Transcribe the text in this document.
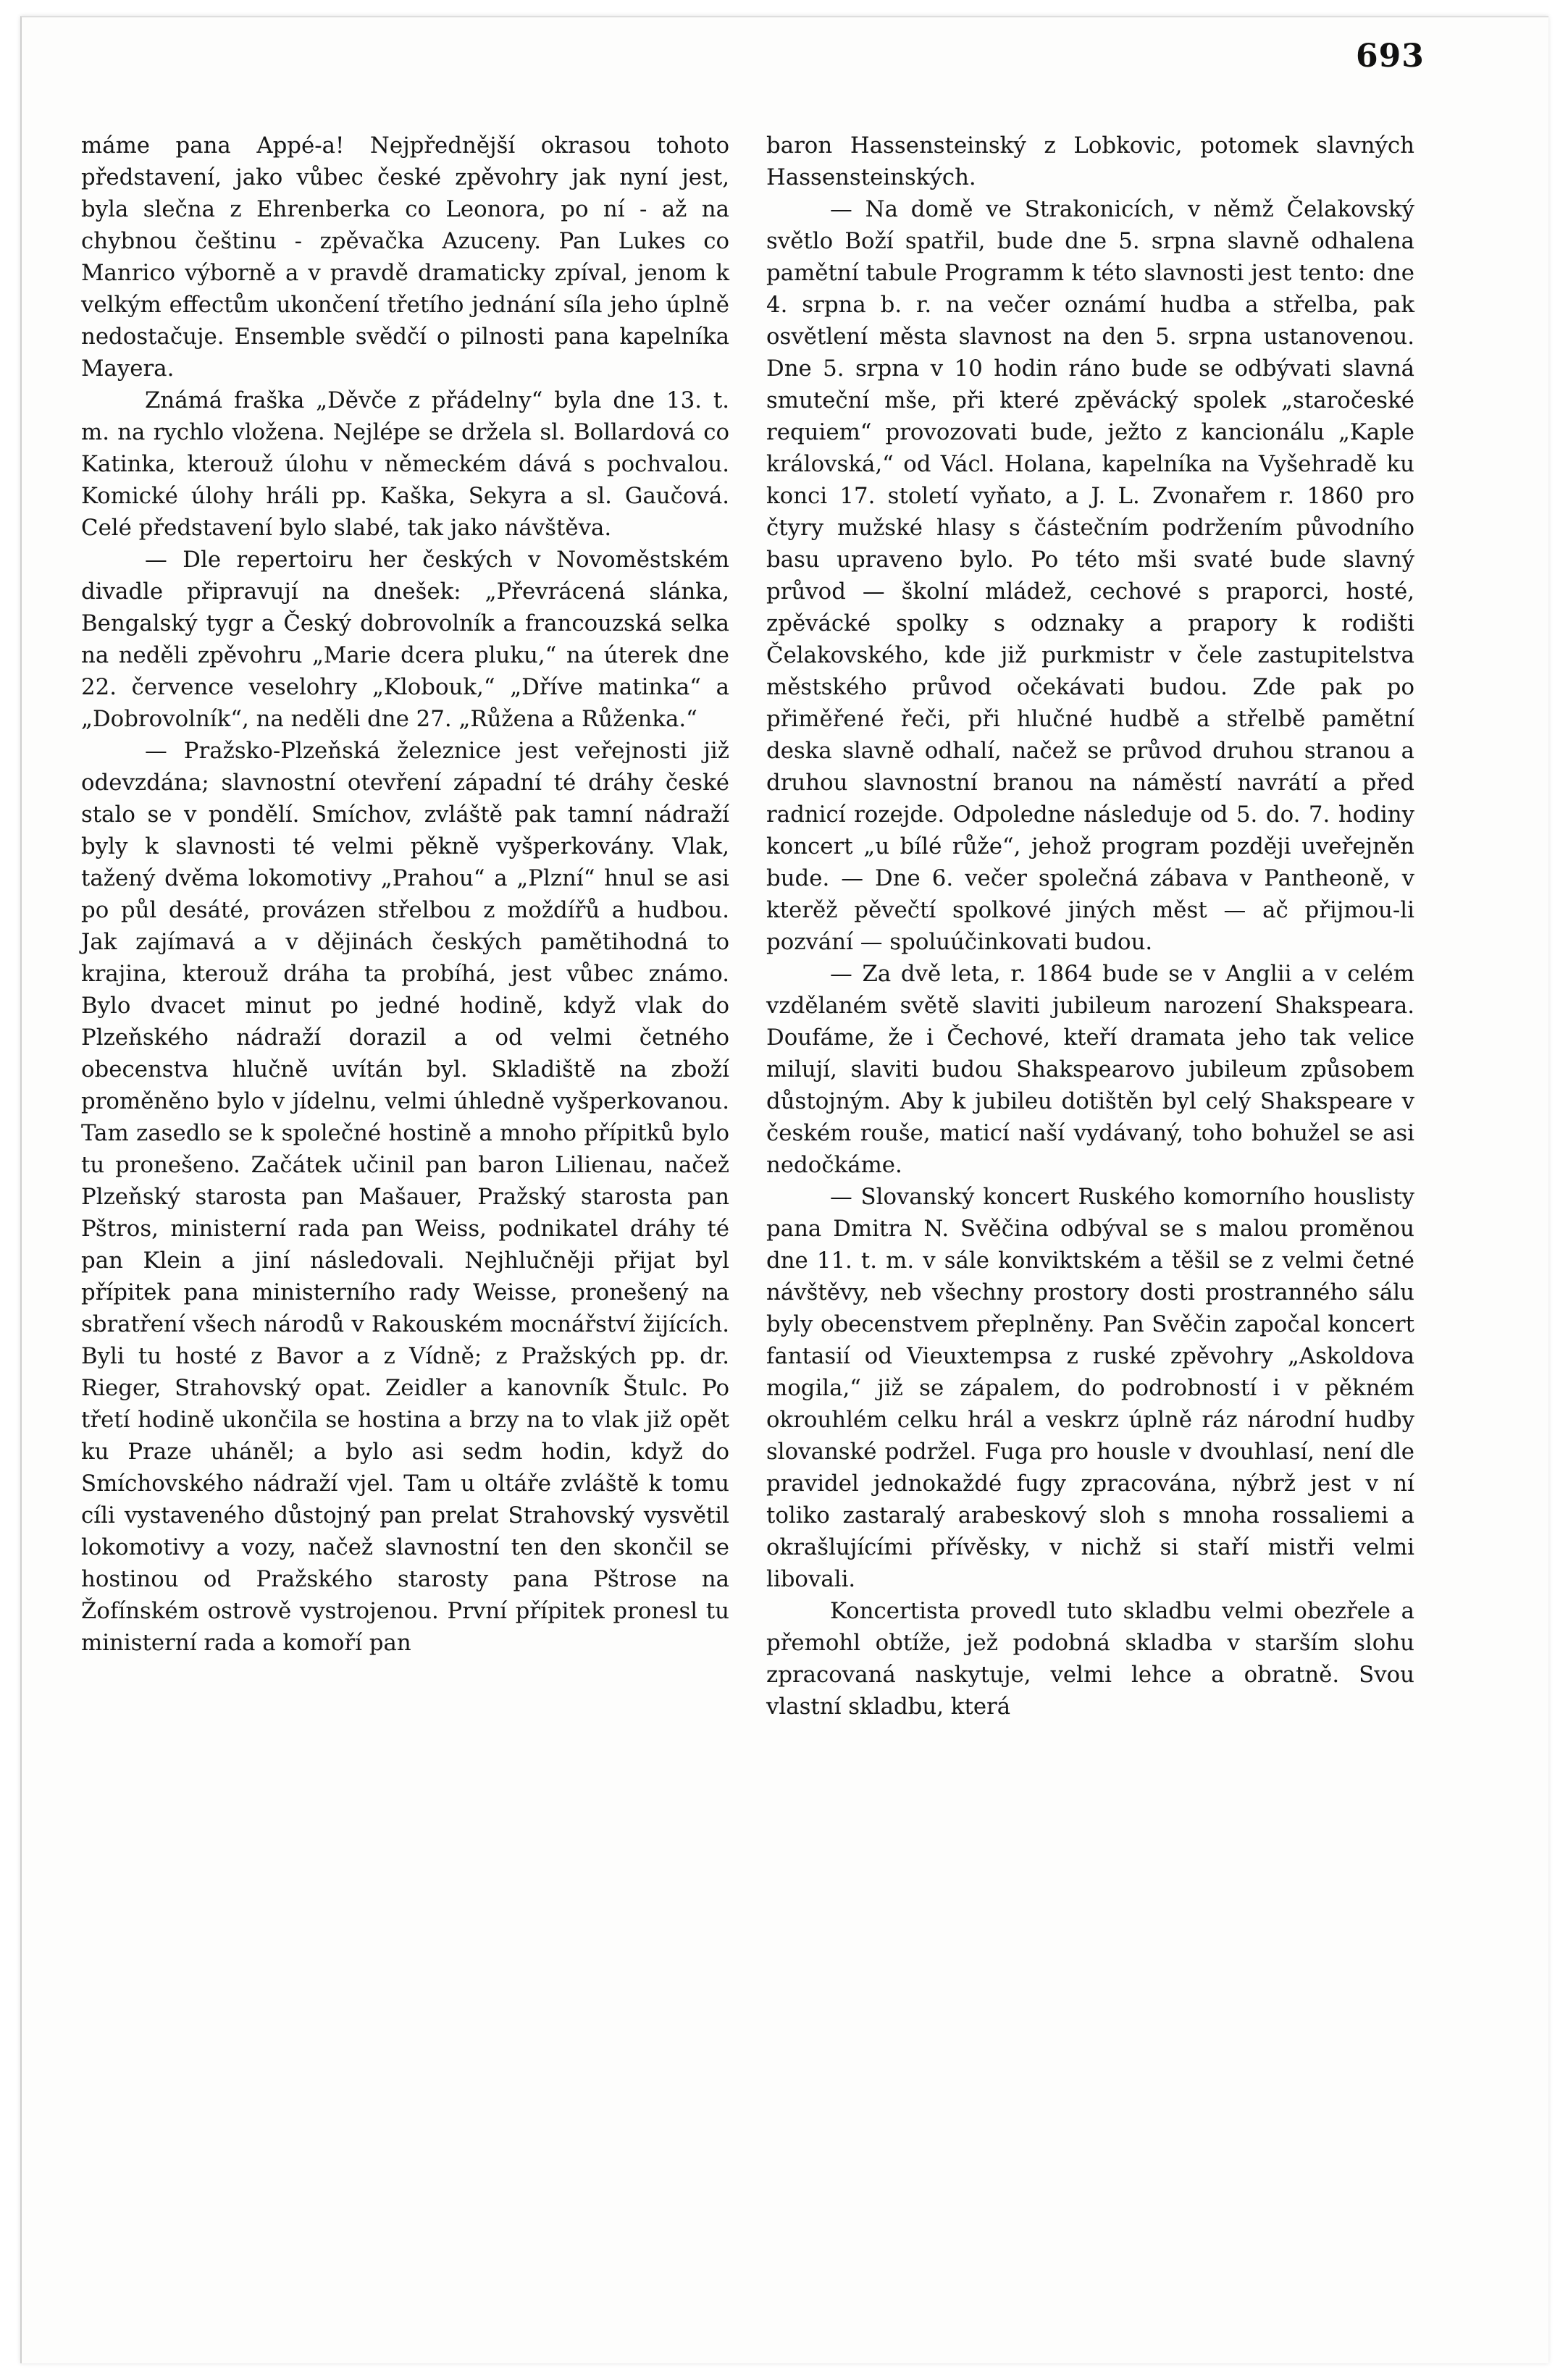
693

máme pana Appé-a! Nejpřednější okrasou tohoto představení, jako vůbec české zpěvohry jak nyní jest, byla slečna z Ehrenberka co Leonora, po ní - až na chybnou češtinu - zpěvačka Azuceny. Pan Lukes co Manrico výborně a v pravdě dramaticky zpíval, jenom k velkým effectům ukončení třetího jednání síla jeho úplně nedostačuje. Ensemble svědčí o pilnosti pana kapelníka Mayera.

Známá fraška „Děvče z přádelny“ byla dne 13. t. m. na rychlo vložena. Nejlépe se držela sl. Bollardová co Katinka, kterouž úlohu v německém dává s pochvalou. Komické úlohy hráli pp. Kaška, Sekyra a sl. Gaučová. Celé představení bylo slabé, tak jako návštěva.

— Dle repertoiru her českých v Novoměstském divadle připravují na dnešek: „Převrácená slánka, Bengalský tygr a Český dobrovolník a francouzská selka na neděli zpěvohru „Marie dcera pluku,“ na úterek dne 22. července veselohry „Klobouk,“ „Dříve matinka“ a „Dobrovolník“, na neděli dne 27. „Růžena a Růženka.“

— Pražsko-Plzeňská železnice jest veřejnosti již odevzdána; slavnostní otevření západní té dráhy české stalo se v pondělí. Smíchov, zvláště pak tamní nádraží byly k slavnosti té velmi pěkně vyšperkovány. Vlak, tažený dvěma lokomotivy „Prahou“ a „Plzní“ hnul se asi po půl desáté, provázen střelbou z moždířů a hudbou. Jak zajímavá a v dějinách českých pamětihodná to krajina, kterouž dráha ta probíhá, jest vůbec známo. Bylo dvacet minut po jedné hodině, když vlak do Plzeňského nádraží dorazil a od velmi četného obecenstva hlučně uvítán byl. Skladiště na zboží proměněno bylo v jídelnu, velmi úhledně vyšperkovanou. Tam zasedlo se k společné hostině a mnoho přípitků bylo tu pronešeno. Začátek učinil pan baron Lilienau, načež Plzeňský starosta pan Mašauer, Pražský starosta pan Pštros, ministerní rada pan Weiss, podnikatel dráhy té pan Klein a jiní následovali. Nejhlučněji přijat byl přípitek pana ministerního rady Weisse, pronešený na sbratření všech národů v Rakouském mocnářství žijících. Byli tu hosté z Bavor a z Vídně; z Pražských pp. dr. Rieger, Strahovský opat. Zeidler a kanovník Štulc. Po třetí hodině ukončila se hostina a brzy na to vlak již opět ku Praze uháněl; a bylo asi sedm hodin, když do Smíchovského nádraží vjel. Tam u oltáře zvláště k tomu cíli vystaveného důstojný pan prelat Strahovský vysvětil lokomotivy a vozy, načež slavnostní ten den skončil se hostinou od Pražského starosty pana Pštrose na Žofínském ostrově vystrojenou. První přípitek pronesl tu ministerní rada a komoří pan

baron Hassensteinský z Lobkovic, potomek slavných Hassensteinských.

— Na domě ve Strakonicích, v němž Čelakovský světlo Boží spatřil, bude dne 5. srpna slavně odhalena pamětní tabule Programm k této slavnosti jest tento: dne 4. srpna b. r. na večer oznámí hudba a střelba, pak osvětlení města slavnost na den 5. srpna ustanovenou. Dne 5. srpna v 10 hodin ráno bude se odbývati slavná smuteční mše, při které zpěvácký spolek „staročeské requiem“ provozovati bude, ježto z kancionálu „Kaple královská,“ od Václ. Holana, kapelníka na Vyšehradě ku konci 17. století vyňato, a J. L. Zvonařem r. 1860 pro čtyry mužské hlasy s částečním podržením původního basu upraveno bylo. Po této mši svaté bude slavný průvod — školní mládež, cechové s praporci, hosté, zpěvácké spolky s odznaky a prapory k rodišti Čelakovského, kde již purkmistr v čele zastupitelstva městského průvod očekávati budou. Zde pak po přiměřené řeči, při hlučné hudbě a střelbě pamětní deska slavně odhalí, načež se průvod druhou stranou a druhou slavnostní branou na náměstí navrátí a před radnicí rozejde. Odpoledne následuje od 5. do. 7. hodiny koncert „u bílé růže“, jehož program později uveřejněn bude. — Dne 6. večer společná zábava v Pantheoně, v kterěž pěvečtí spolkové jiných měst — ač přijmou-li pozvání — spoluúčinkovati budou.

— Za dvě leta, r. 1864 bude se v Anglii a v celém vzdělaném světě slaviti jubileum narození Shakspeara. Doufáme, že i Čechové, kteří dramata jeho tak velice milují, slaviti budou Shakspearovo jubileum způsobem důstojným. Aby k jubileu dotištěn byl celý Shakspeare v českém rouše, maticí naší vydávaný, toho bohužel se asi nedočkáme.

— Slovanský koncert Ruského komorního houslisty pana Dmitra N. Svěčina odbýval se s malou proměnou dne 11. t. m. v sále konviktském a těšil se z velmi četné návštěvy, neb všechny prostory dosti prostranného sálu byly obecenstvem přeplněny. Pan Svěčin započal koncert fantasií od Vieuxtempsa z ruské zpěvohry „Askoldova mogila,“ již se zápalem, do podrobností i v pěkném okrouhlém celku hrál a veskrz úplně ráz národní hudby slovanské podržel. Fuga pro housle v dvouhlasí, není dle pravidel jednokaždé fugy zpracována, nýbrž jest v ní toliko zastaralý arabeskový sloh s mnoha rossaliemi a okrašlujícími přívěsky, v nichž si staří mistři velmi libovali.

Koncertista provedl tuto skladbu velmi obezřele a přemohl obtíže, jež podobná skladba v starším slohu zpracovaná naskytuje, velmi lehce a obratně. Svou vlastní skladbu, která
